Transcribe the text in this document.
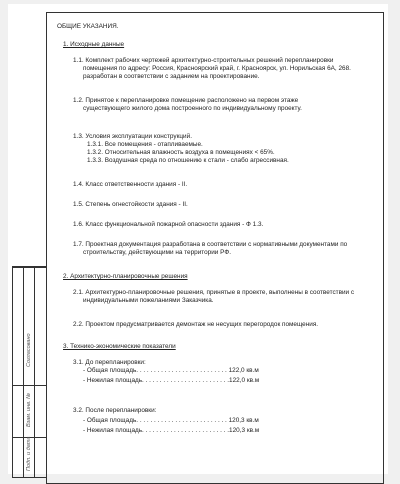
ОБЩИЕ УКАЗАНИЯ.
1. Исходные данные
1.1. Комплект рабочих чертежей архитектурно-строительных решений перепланировки
помещения по адресу: Россия, Красноярский край, г. Красноярск, ул. Норильская 6А, 268.
разработан в соответствии с заданием на проектирование.
1.2. Принятое к перепланировке помещение расположено на первом этаже
существующего жилого дома построенного по индивидуальному проекту.
1.3. Условия эксплуатации конструкций.
1.3.1. Все помещения - отапливаемые.
1.3.2. Относительная влажность воздуха в помещениях < 65%.
1.3.3. Воздушная среда по отношению к стали - слабо агрессивная.
1.4. Класс ответственности здания - II.
1.5. Степень огнестойкости здания - II.
1.6. Класс функциональной пожарной опасности здания - Ф 1.3.
1.7. Проектная документация разработана в соответствии с нормативными документами по
строительству, действующими на территории РФ.
2. Архитектурно-планировочные решения
2.1. Архитектурно-планировочные решения, принятые в проекте, выполнены в соответствии с
индивидуальными пожеланиями Заказчика.
2.2. Проектом предусматривается демонтаж не несущих перегородок помещения.
3. Технико-экономические показатели
3.1. До перепланировки:
- Общая площадь. . . . . . . . . . . . . . . . . . . . . . . . . . 122,0 кв.м
- Нежилая площадь. . . . . . . . . . . . . . . . . . . . . . . . .122,0 кв.м
3.2. После перепланировки:
- Общая площадь. . . . . . . . . . . . . . . . . . . . . . . . . . 120,3 кв.м
- Нежилая площадь. . . . . . . . . . . . . . . . . . . . . . . . .120,3 кв.м
Согласовано
Взам. инв. №
Подп. и дата
